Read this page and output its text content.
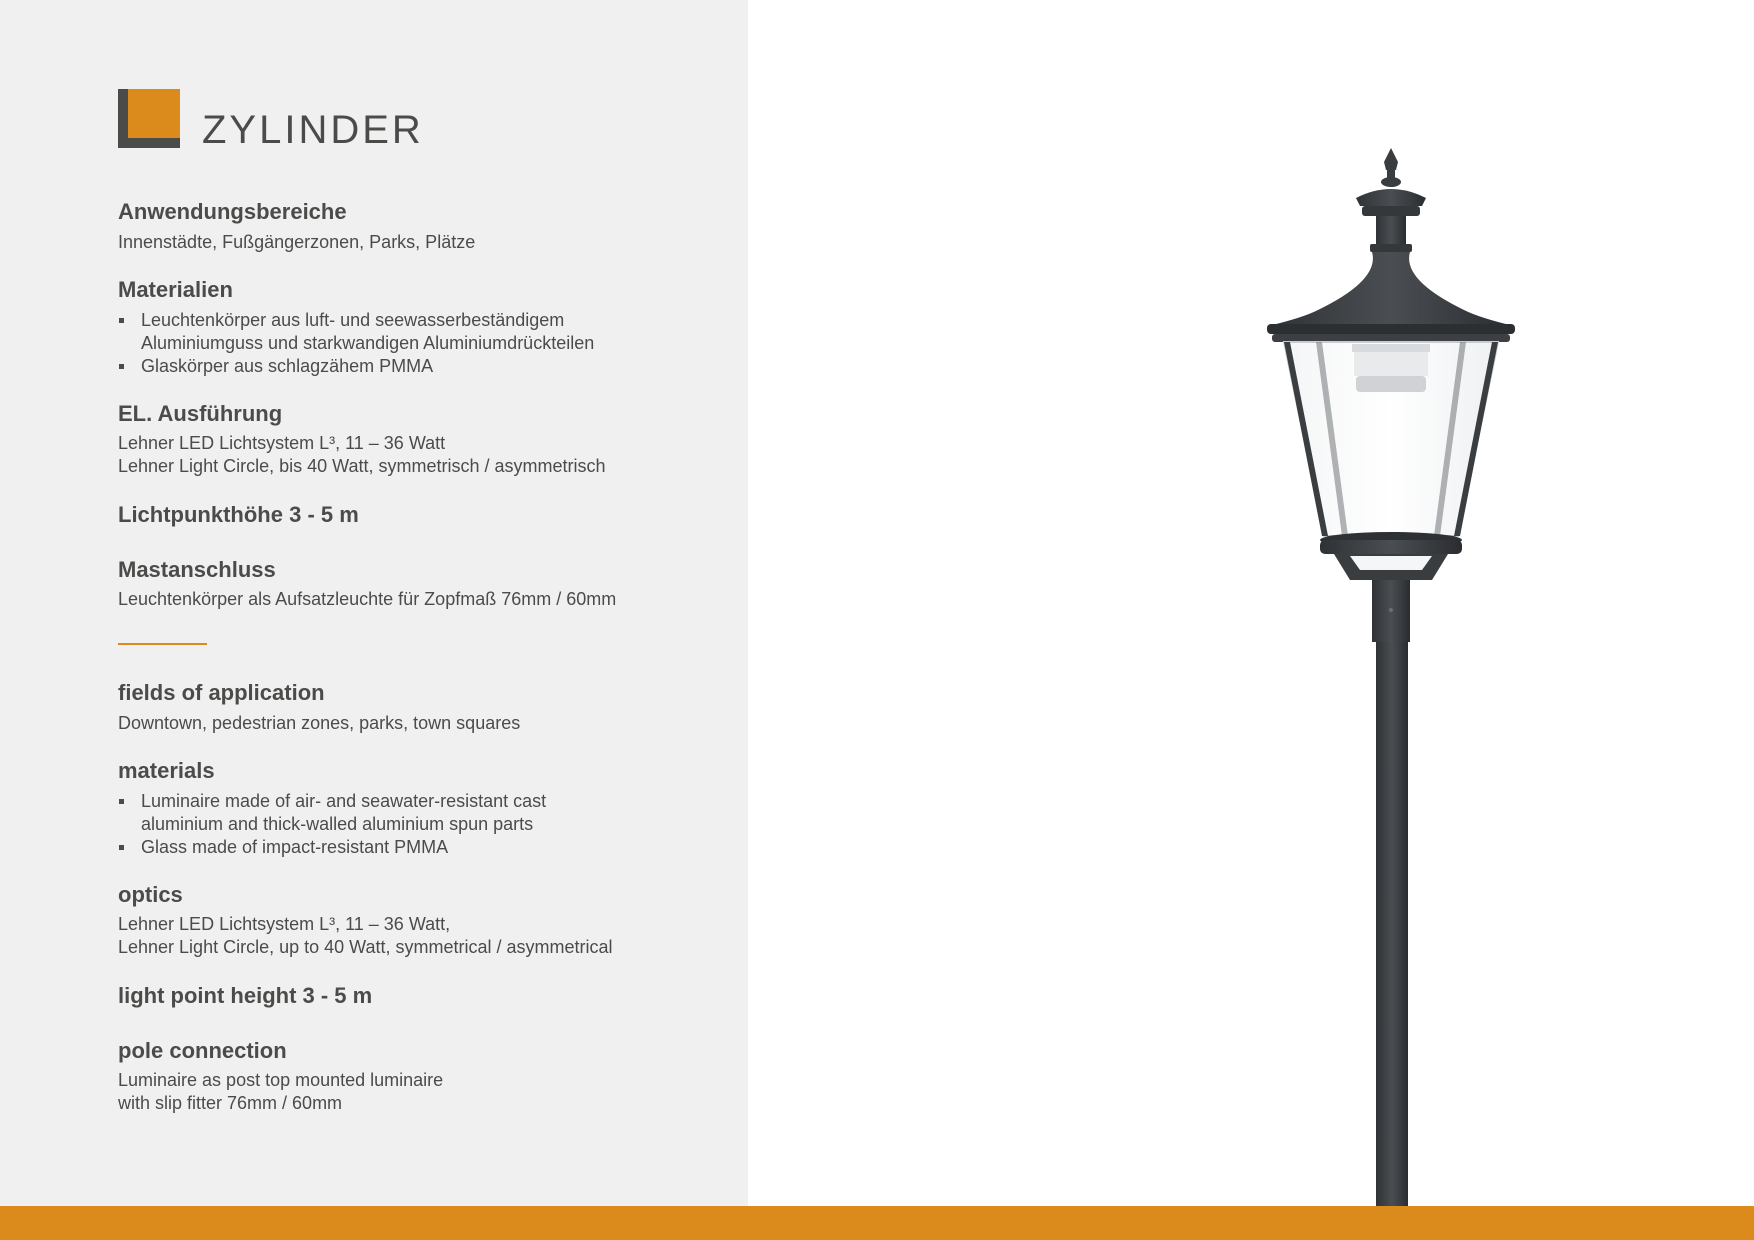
ZYLINDER
Anwendungsbereiche
Innenstädte, Fußgängerzonen, Parks, Plätze
Materialien
Leuchtenkörper aus luft- und seewasserbeständigem
Aluminiumguss und starkwandigen Aluminiumdrückteilen
Glaskörper aus schlagzähem PMMA
EL. Ausführung
Lehner LED Lichtsystem L³, 11 – 36 Watt
Lehner Light Circle, bis 40 Watt, symmetrisch / asymmetrisch
Lichtpunkthöhe 3 - 5 m
Mastanschluss
Leuchtenkörper als Aufsatzleuchte für Zopfmaß 76mm / 60mm
fields of application
Downtown, pedestrian zones, parks, town squares
materials
Luminaire made of air- and seawater-resistant cast
aluminium and thick-walled aluminium spun parts
Glass made of impact-resistant PMMA
optics
Lehner LED Lichtsystem L³, 11 – 36 Watt,
Lehner Light Circle, up to 40 Watt, symmetrical / asymmetrical
light point height 3 - 5 m
pole connection
Luminaire as post top mounted luminaire
with slip fitter 76mm / 60mm
